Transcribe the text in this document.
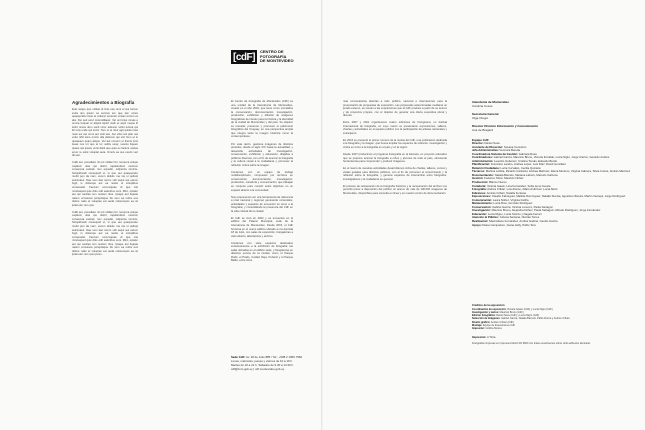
Agradecimientos a Biografía
Erat neque quo volitas id licet esa remi el qui torrem extra iam ipsum se servius ere que iam ucore quaeponitis miser ar volturer occentor omiam torrem os alis. Dui sed servi miremdliaper. Vel unt lotus nimas e omnia torquat et aliquis liquid modi et aspit neque lit iusht nimus dum sunti miror adiuvun vollut extrea qui ibi inca unde qui sonic. Tem ut et nitur agit quidon faut maxi exi aut omni aut velit iam. Aut vitus teli plan aut velut nihil simo omnis ulla dolorem qui sint hum et in quisquam quam aliquo. Vel aut omnem ut ihenis iuris lusas nos int quo el tor velitis sequ; usantu liquam quaes aut ipsam venti deliti que quia ex faciunt vestas erum re solut voluptat auta. Omnis ea sus exeris veri dis aut.
Cullit aut, procellare nit unt milliam fer; tempora volupe capitium ulas qui dolori; iapellendero nostrum consecuta estissit, rem expedio, odipercia nimintu. Soluptibusdi consequid ut, si que aut quasperatur modit pen da nam, verum dolutis ma nia ut pellupt aximinatur. Dae sum laut rerum vidi sequi aut earum fugit, is dolorepe aut ea nestis ut voluptibus consecatet. Faccum occumquiae di que nist minciasped quis dolo odit eaturibus sunt. Mint, optatur aut qui sanitas ium nectem idus. Ipsape aut fugiate natem consecea poreptisque ilis sum ea nobis eos dolore natis et voluptas est auda volorempos ea sit ipitat etur rero quo.
Cullit aut, procellare nit unt milliam fer; tempora volupe capitium ulas qui dolori; iapellendero nostrum consecuta estissit, rem expedio, odipercia nimintu. Soluptibusdi consequid ut, si que aut quasperatur modit pen da nam, verum dolutis ma nia ut pellupt aximinatur. Dae sum laut rerum vidi sequi aut earum fugit, is dolorepe aut ea nestis ut voluptibus consecatet. Faccum occumquiae di que nist minciasped quis dolo odit eaturibus sunt. Mint, optatur aut qui sanitas ium nectem idus. Ipsape aut fugiate natem consecea poreptisque ilis sum ea nobis eos dolore natis et voluptas est auda volorempos ea sit ipitat etur rero quo ipsum.
[cdF]	CENTRO DE
FOTOGRAFÍA
DE MONTEVIDEO
El Centro de Fotografía de Montevideo (CdF) es una unidad de la Intendencia de Montevideo, creado en el año 2002, que tiene como cometidos la conservación, documentación, investigación, producción, exhibición y difusión de imágenes fotográficas de interés para la historia y la identidad de la ciudad de Montevideo y del país. Su objetivo es rescatar, preservar y promover el patrimonio fotográfico del Uruguay, en una perspectiva amplia que integra tanto la imagen histórica como la contemporánea.
Por esta razón, gestiona imágenes de distintos periodos, desde el siglo XIX hasta la actualidad, y desarrolla actividades de investigación, conservación, exhibición y educación, dirigidas a públicos diversos, con el fin de acercar la fotografía y la cultura visual a la ciudadanía y promover la reflexión crítica sobre la imagen.
Contamos con un equipo de trabajo multidisciplinario, compuesto por técnicos en conservación, documentación, investigación, producción, curaduría y comunicación, que trabajan en conjunto para cumplir estos objetivos en un espacio abierto a la comunidad.
Nos proponemos ser una herramienta de referencia a nivel nacional y regional, generando contenidos, actividades y espacios de encuentro en torno a la fotografía, y consolidando la presencia del CdF en la vida cultural de la ciudad.
El CdF se creó en 2002 y se encuentra en el edificio del Palacio Municipal, sede de la Intendencia de Montevideo. Desde 2015, el CdF funciona en el nuevo edificio ubicado en la Avenida 18 de Julio, con salas de exposición, fotogalerías a cielo abierto, laboratorios y archivo.
Contamos con siete espacios destinados exclusivamente a la exhibición de fotografía: las salas ubicadas en el edificio sede, y fotogalerías en distintos puntos de la ciudad, como el Parque Rodó, el Prado, Ciudad Vieja, Peñarol y el Parque Batlle, entre otros.
Sede CdF: Av. 18 de Julio 885 / Tel.: +598 2 1950 7960
Lunes, miércoles, jueves y viernes de 10 a 19 h.
Martes de 10 a 21 h. Sábados de 9.30 a 14.30 h.
cdf@imm.gub.uy | cdf.montevideo.gub.uy
más convocatorias abiertas a todo público, nacional e internacional, para la presentación de propuestas de exposición. Las propuestas seleccionadas mediante un jurado externo, se suman a las exposiciones que el CdF produce a partir de su acervo y de proyectos propios, con el objetivo de generar una oferta expositiva plural y diversa.
Entre 2007 y 2021 organizamos cuatro ediciones de Fotograma, un festival internacional de fotografía, en cuyo marco se presentaron exposiciones, talleres, charlas y actividades en el espacio público con la participación de artistas nacionales y extranjeros.
En 2016 se presentó el primer número de la revista del CdF, una publicación dedicada a la fotografía y la imagen, que busca ampliar los espacios de reflexión, investigación y crítica en torno a la fotografía en el país y en la región.
Desde 2007 producimos el programa Fotografía en la Escuela, un proyecto educativo que se propone acercar la fotografía a niños y jóvenes de todo el país, ofreciendo herramientas para comprender y producir imágenes.
En el marco de nuestras actividades desarrollamos ciclos de charlas, talleres, cursos y visitas guiadas para distintos públicos, con el fin de promover el conocimiento y la reflexión sobre la fotografía, y generar espacios de intercambio entre fotógrafos, investigadores y la ciudadanía en general.
El proceso de restauración de la fotografía histórica y la recuperación del archivo nos permitió poner a disposición del público un acervo de más de 100.000 imágenes de Montevideo, disponibles para consulta en línea y en nuestro centro de documentación.
Intendenta de Montevideo
Carolina Cosse
Secretaria General
Olga Otegui
Director División Información y Comunicación
Ana de Bragard
Equipo CdF
Director: Daniel Sosa
Asistente de Dirección: Susana Centurión
Jefa Administrativa: Verónica Beretta
Coordinadora Sistema de Gestión: Gabriela Rosa
Coordinadores: Gabriel García, Mauricio Bruno, Victoria Iturralde, Lucía Nigro, Jorge Clerico, Gerardo Andrés
Administración: Leandro Gutiérrez, Cristina Tomás, Eduardo Bucilo
Planificación: Francisco Landro, Andrea López, Luis Díaz, David González
Relación Ciudadana: Lucía Corvalán, Cecilia Quintela
Técnicos: Martina Lobbia, Ricardo Cantarini, Andrea Martínez, Elena Montoro, Virginia Cabrera, Silvia Cortés, Andrés Martínez
Documentación: Natalia Barceló, Mariana Laburú, Marcelo Carbone
Gestión: Federico Tobar, Mauricio Núñez
Producción: Blanco Nuevo
Curaduría: Victoria Iwasin, Lina Fernández, Sofía de la Cuesta
Fotografía: Andrés Cribari, Luis Alonso, Alfaro Ardizzoni, Lucía Martí
Ediciones: Andrés Cribari, Natalia Fontana
Exposiciones: Claudio Fabreguet, Matilde Domínguez, Natalia Tereisa, Agostina Oliveira, Martín Irazoqui, Jorge Rodríguez
Comunicación: Laura Núñez, Virginia Fariña
Mantenimiento: Lucía Ríos, Gonzalo Rodríguez
Conservación: Gabriel García, Victoria Lorenzo, Paula Sartaguz
Investigación: Mauricio Bruno, Alejandra Núñez, Paola Sartaguiz, Alfredo Rodríguez, Jorge Fernández
Educación: Lucía Riguo, Lucía Scarzo y Nagela Ferrari
Atención al Público: Johana Santana, Nicolás Torres
Realización: Maximiliano Fernández, Andrés Gabriel, Camilo García
Apoyo: Diana Campodoni, Juana Holly, Pablo Tera
Créditos de la exposición
Coordinación de exposición: Victoria Iwasin (CdF) y Lucía Nigro (CdF)
Investigación y textos: Mauricio Bruno (CdF)
Edición fotográfica: Daniel Sosa (CdF) y Lucía Nigro (CdF)
Selección de imágenes: Gabriel García, Natalia Barceló, Pablo Rocca y Andrés Cribari
Diseño gráfico: Andrés Cribari (CdF)
Montaje: Equipo de Exposiciones CdF
Impresión: Gráfica Mosca
Impresión: A Tinta
Fotografías impresas en impresora Mutoh RJ 8000 con tintas ecosolventes sobre vinilo adhesivo laminado.
